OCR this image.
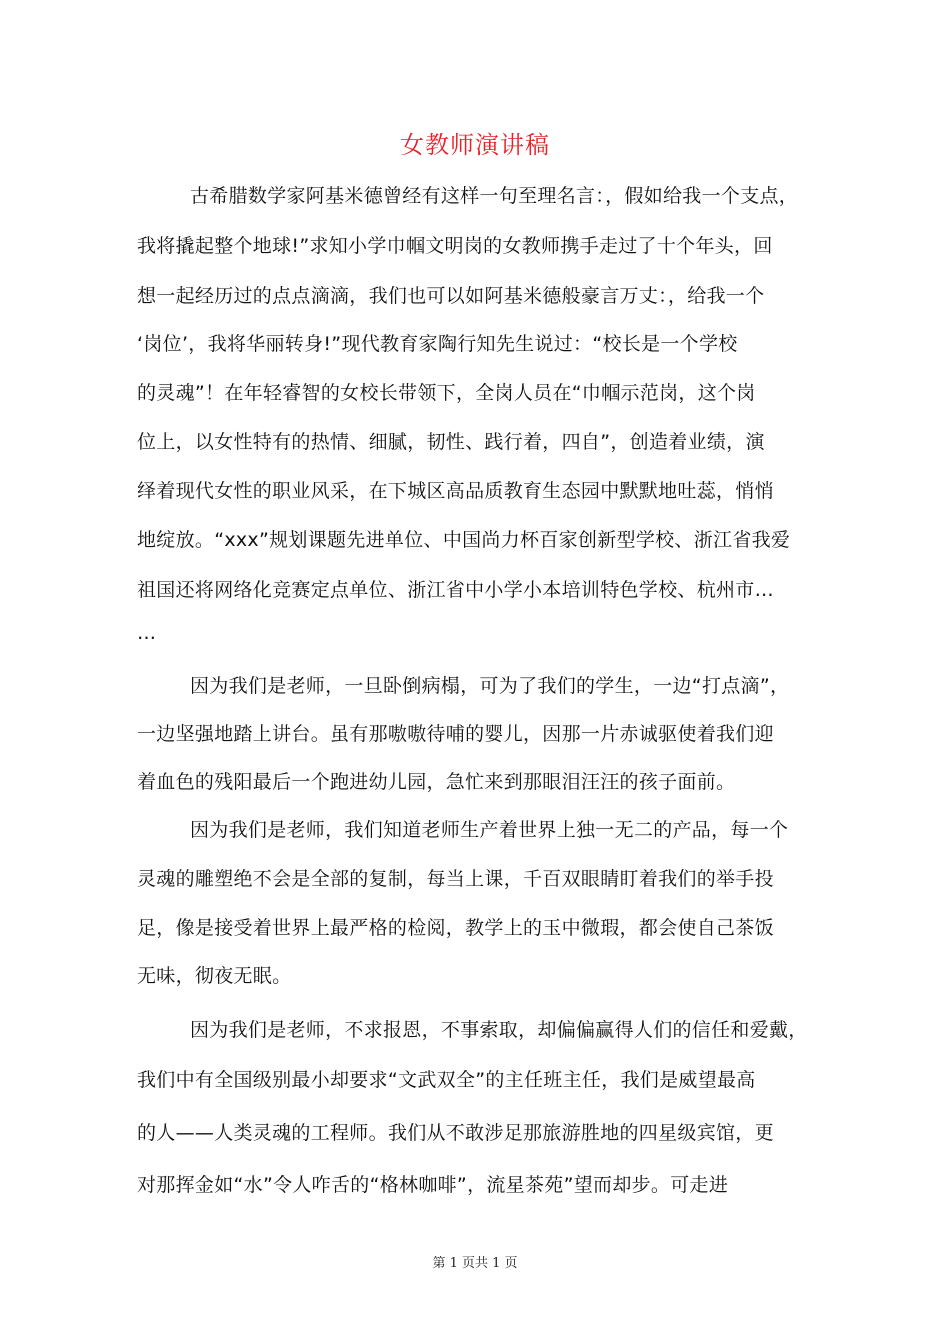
女教师演讲稿
古希腊数学家阿基米德曾经有这样一句至理名言：，假如给我一个支点，
我将撬起整个地球!”求知小学巾帼文明岗的女教师携手走过了十个年头，回
想一起经历过的点点滴滴，我们也可以如阿基米德般豪言万丈：，给我一个
‘岗位’，我将华丽转身!”现代教育家陶行知先生说过：“校长是一个学校
的灵魂”！在年轻睿智的女校长带领下，全岗人员在“巾帼示范岗，这个岗
位上，以女性特有的热情、细腻，韧性、践行着，四自”，创造着业绩，演
绎着现代女性的职业风采，在下城区高品质教育生态园中默默地吐蕊，悄悄
地绽放。“xxx”规划课题先进单位、中国尚力杯百家创新型学校、浙江省我爱
祖国还将网络化竞赛定点单位、浙江省中小学小本培训特色学校、杭州市…
…
因为我们是老师，一旦卧倒病榻，可为了我们的学生，一边“打点滴”，
一边坚强地踏上讲台。虽有那嗷嗷待哺的婴儿，因那一片赤诚驱使着我们迎
着血色的残阳最后一个跑进幼儿园，急忙来到那眼泪汪汪的孩子面前。
因为我们是老师，我们知道老师生产着世界上独一无二的产品，每一个
灵魂的雕塑绝不会是全部的复制，每当上课，千百双眼睛盯着我们的举手投
足，像是接受着世界上最严格的检阅，教学上的玉中微瑕，都会使自己茶饭
无味，彻夜无眠。
因为我们是老师，不求报恩，不事索取，却偏偏赢得人们的信任和爱戴，
我们中有全国级别最小却要求“文武双全”的主任班主任，我们是威望最高
的人——人类灵魂的工程师。我们从不敢涉足那旅游胜地的四星级宾馆，更
对那挥金如“水”令人咋舌的“格林咖啡”，流星茶苑”望而却步。可走进
第 1 页共 1 页
